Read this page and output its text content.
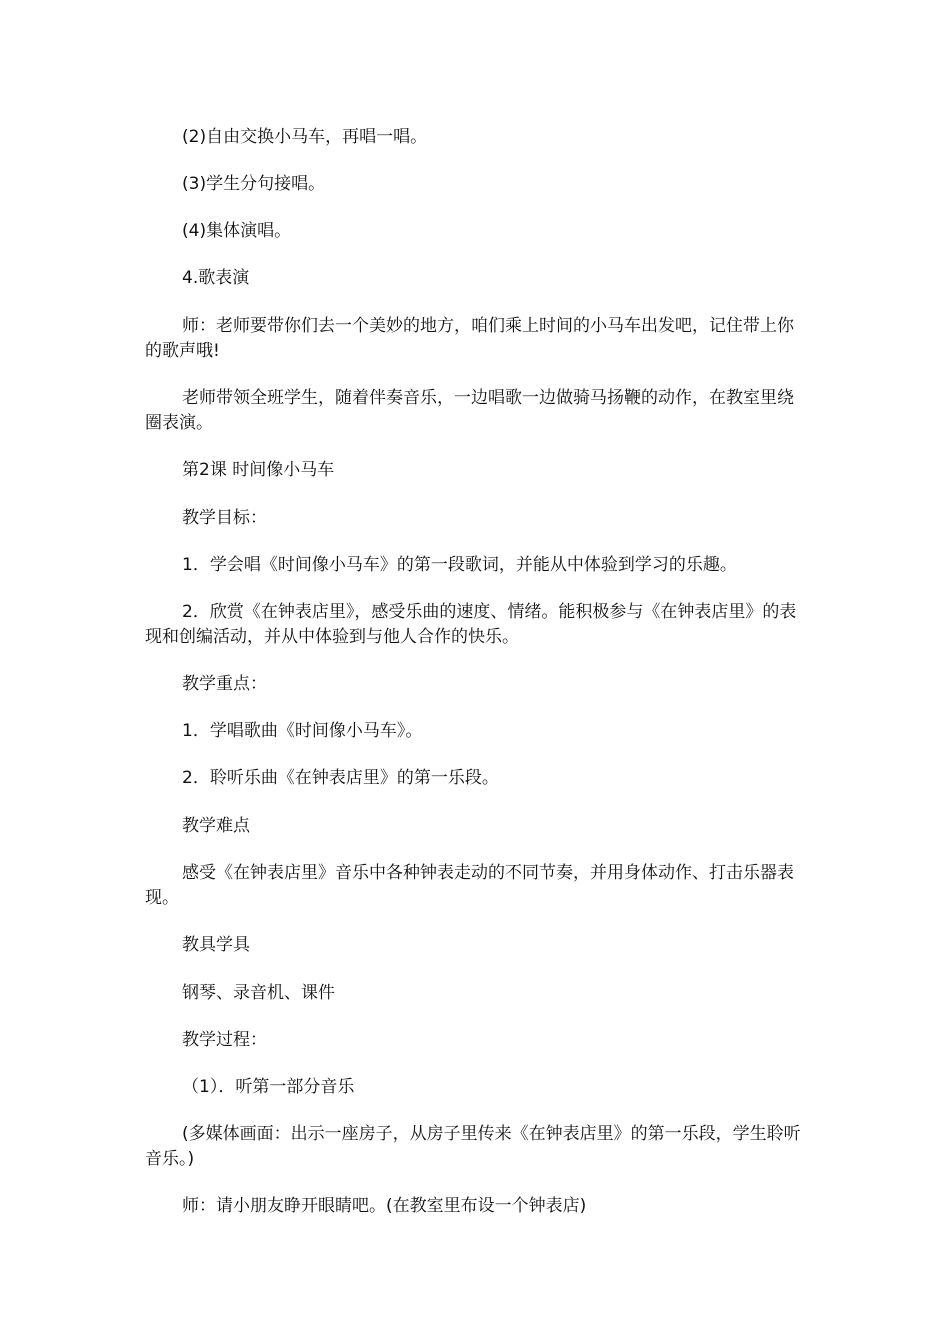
(2)自由交换小马车，再唱一唱。

(3)学生分句接唱。

(4)集体演唱。

4.歌表演

师：老师要带你们去一个美妙的地方，咱们乘上时间的小马车出发吧，记住带上你的歌声哦!

老师带领全班学生，随着伴奏音乐，一边唱歌一边做骑马扬鞭的动作，在教室里绕圈表演。

第2课 时间像小马车

教学目标：

1．学会唱《时间像小马车》的第一段歌词，并能从中体验到学习的乐趣。

2．欣赏《在钟表店里》，感受乐曲的速度、情绪。能积极参与《在钟表店里》的表现和创编活动，并从中体验到与他人合作的快乐。

教学重点：

1．学唱歌曲《时间像小马车》。

2．聆听乐曲《在钟表店里》的第一乐段。

教学难点

感受《在钟表店里》音乐中各种钟表走动的不同节奏，并用身体动作、打击乐器表现。

教具学具

钢琴、录音机、课件

教学过程：

（1）．听第一部分音乐

(多媒体画面：出示一座房子，从房子里传来《在钟表店里》的第一乐段，学生聆听音乐。)

师：请小朋友睁开眼睛吧。(在教室里布设一个钟表店)
